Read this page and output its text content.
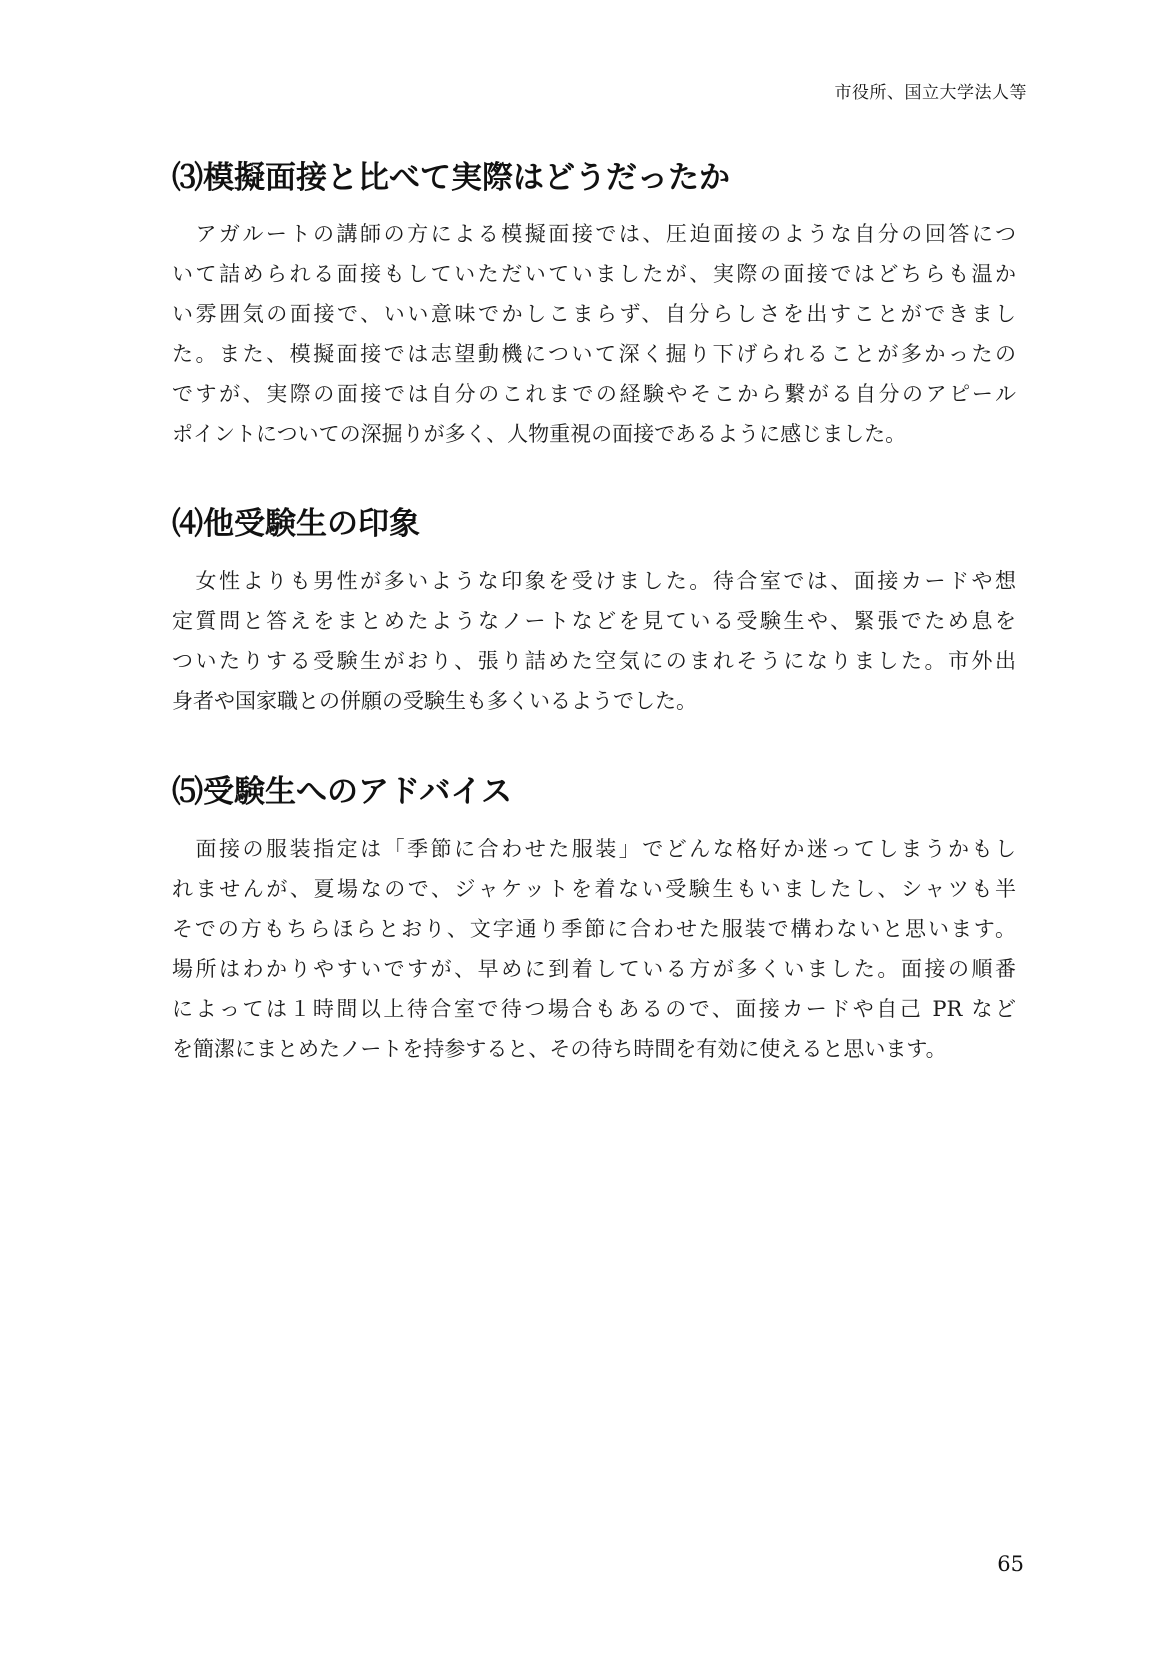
市役所、国立大学法人等
⑶模擬面接と比べて実際はどうだったか
　アガルートの講師の方による模擬面接では、圧迫面接のような自分の回答につ
いて詰められる面接もしていただいていましたが、実際の面接ではどちらも温か
い雰囲気の面接で、いい意味でかしこまらず、自分らしさを出すことができまし
た。また、模擬面接では志望動機について深く掘り下げられることが多かったの
ですが、実際の面接では自分のこれまでの経験やそこから繋がる自分のアピール
ポイントについての深掘りが多く、人物重視の面接であるように感じました。
⑷他受験生の印象
　女性よりも男性が多いような印象を受けました。待合室では、面接カードや想
定質問と答えをまとめたようなノートなどを見ている受験生や、緊張でため息を
ついたりする受験生がおり、張り詰めた空気にのまれそうになりました。市外出
身者や国家職との併願の受験生も多くいるようでした。
⑸受験生へのアドバイス
　面接の服装指定は「季節に合わせた服装」でどんな格好か迷ってしまうかもし
れませんが、夏場なので、ジャケットを着ない受験生もいましたし、シャツも半
そでの方もちらほらとおり、文字通り季節に合わせた服装で構わないと思います。
場所はわかりやすいですが、早めに到着している方が多くいました。面接の順番
によっては１時間以上待合室で待つ場合もあるので、面接カードや自己 PR など
を簡潔にまとめたノートを持参すると、その待ち時間を有効に使えると思います。
65
